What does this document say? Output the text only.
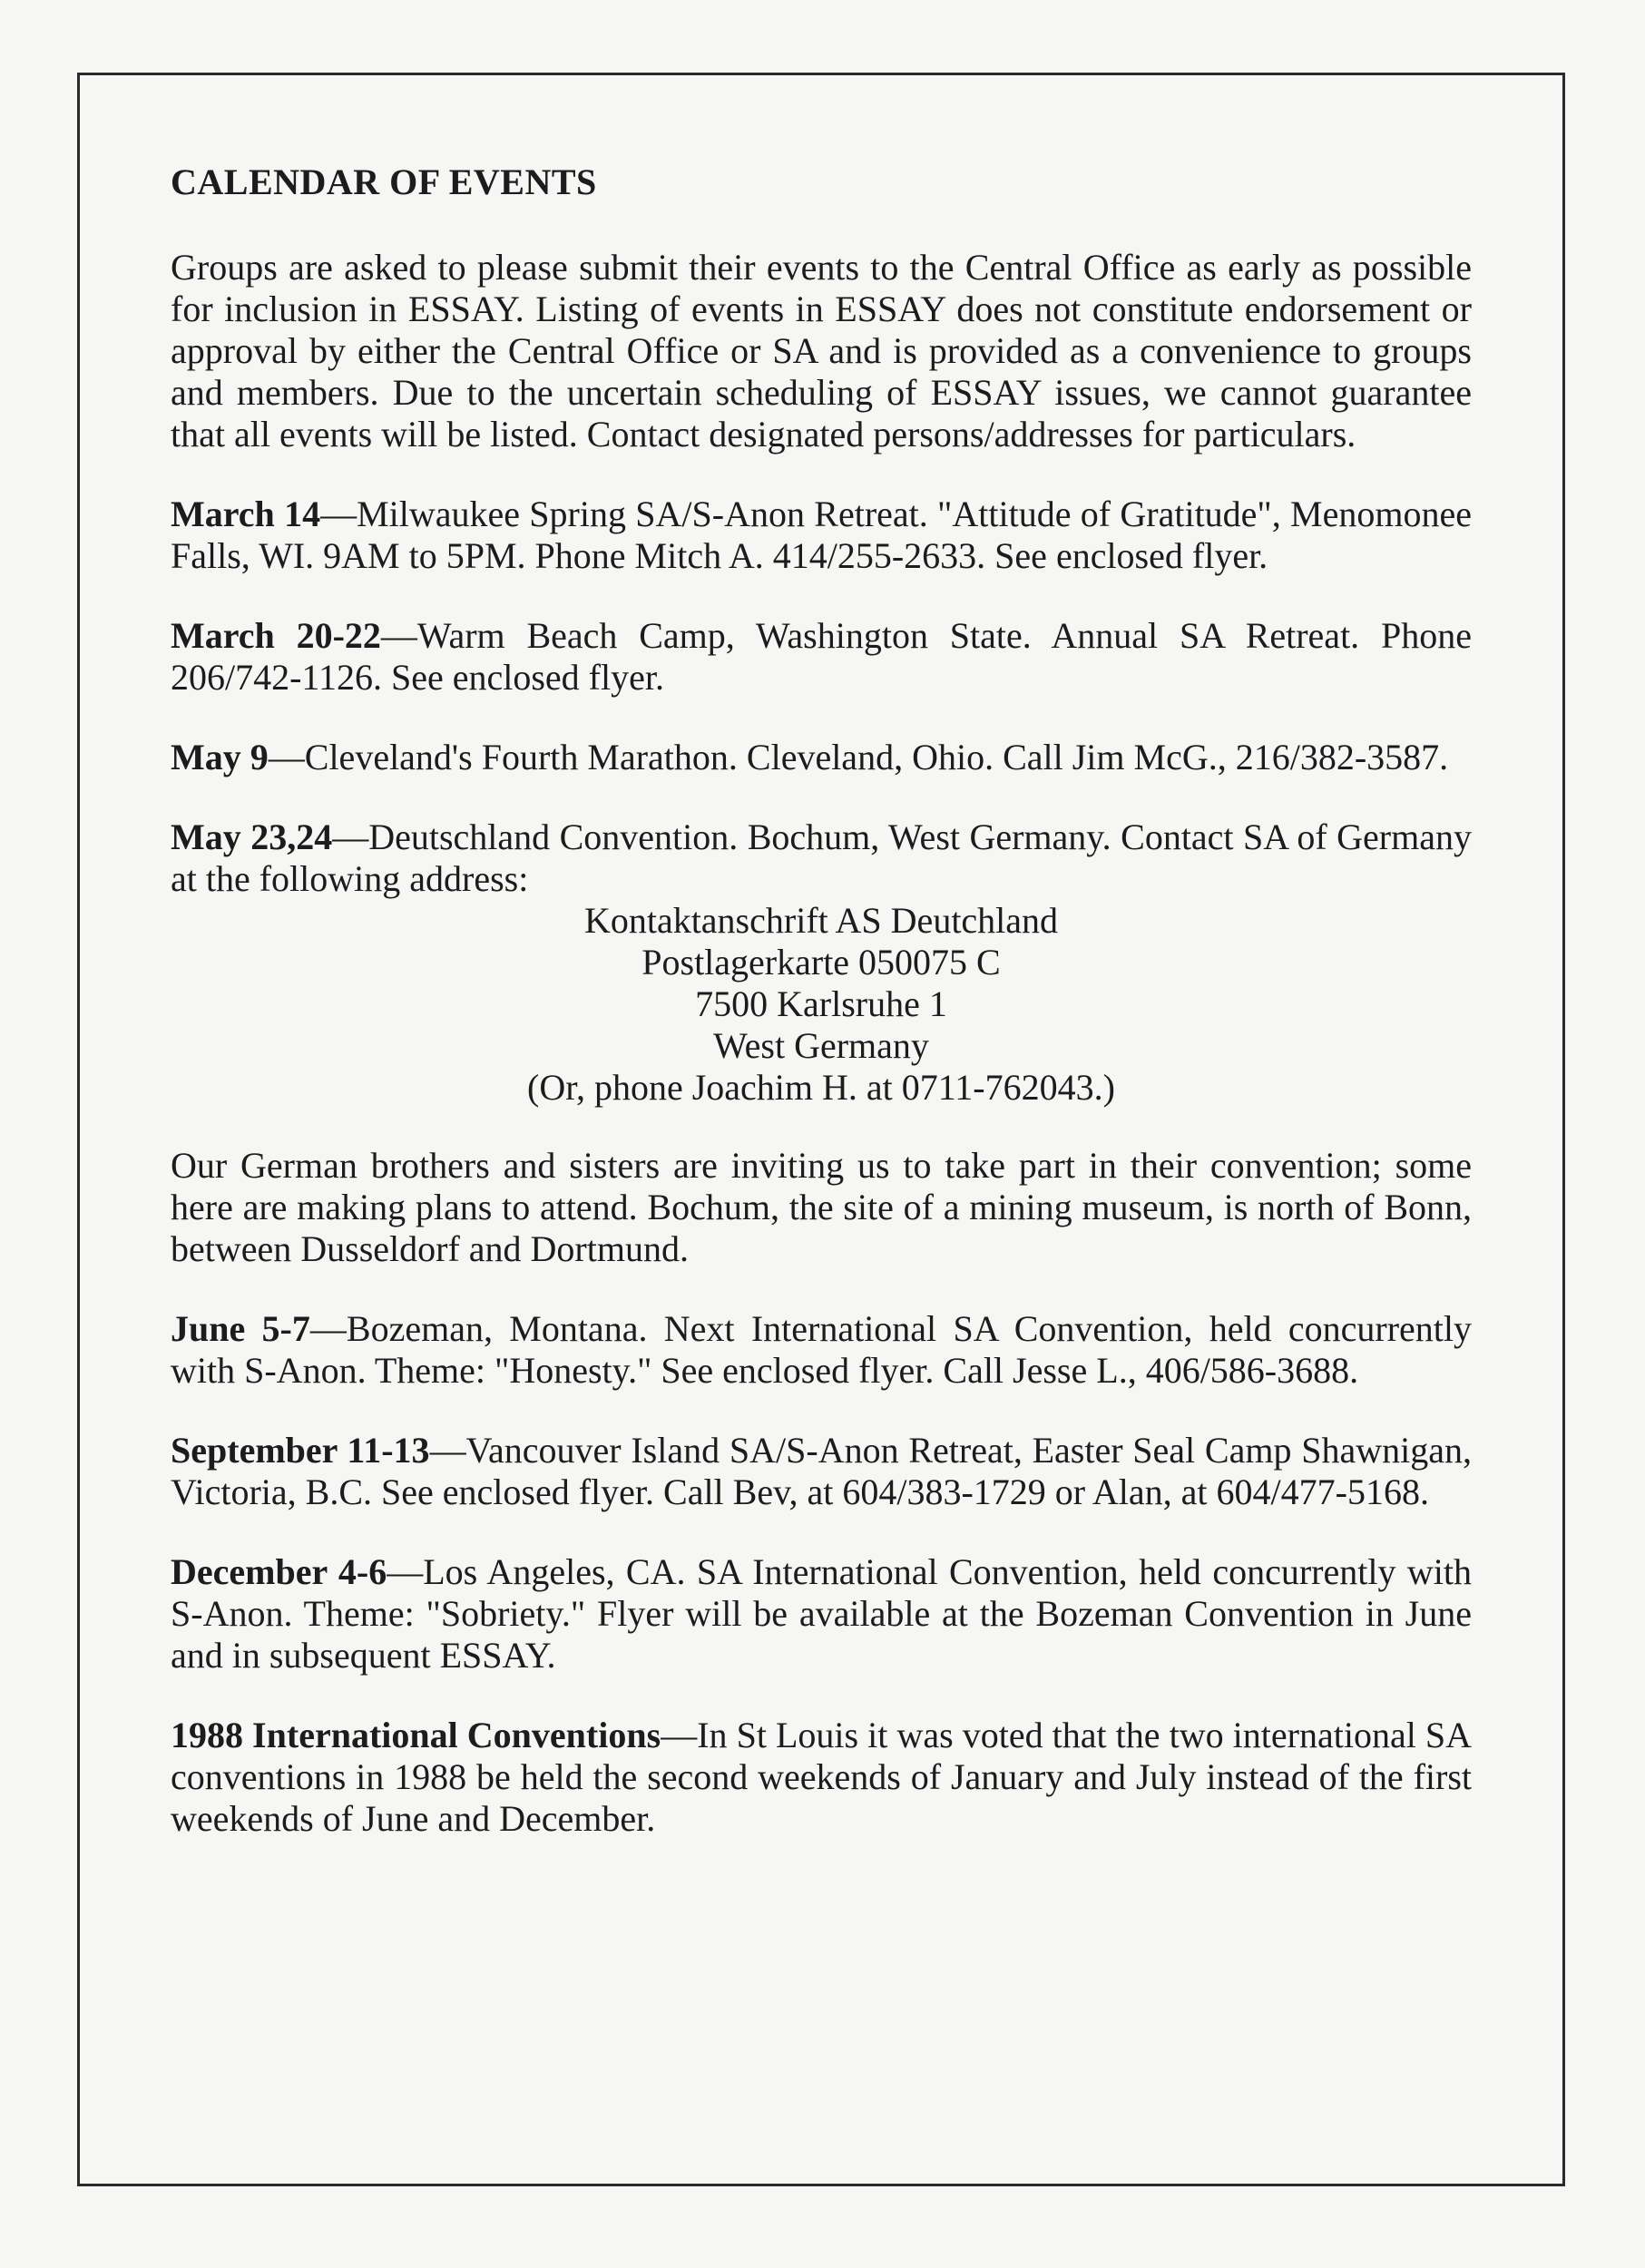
CALENDAR OF EVENTS

Groups are asked to please submit their events to the Central Office as early as possible for inclusion in ESSAY. Listing of events in ESSAY does not constitute endorsement or approval by either the Central Office or SA and is provided as a convenience to groups and members. Due to the uncertain scheduling of ESSAY issues, we cannot guarantee that all events will be listed. Contact designated persons/addresses for particulars.

March 14—Milwaukee Spring SA/S-Anon Retreat. "Attitude of Gratitude", Menomonee Falls, WI. 9AM to 5PM. Phone Mitch A. 414/255-2633. See enclosed flyer.
March 20-22—Warm Beach Camp, Washington State. Annual SA Retreat. Phone 206/742-1126. See enclosed flyer.
May 9—Cleveland's Fourth Marathon. Cleveland, Ohio. Call Jim McG., 216/382-3587.
May 23,24—Deutschland Convention. Bochum, West Germany. Contact SA of Germany at the following address:
Kontaktanschrift AS Deutchland
Postlagerkarte 050075 C
7500 Karlsruhe 1
West Germany
(Or, phone Joachim H. at 0711-762043.)

Our German brothers and sisters are inviting us to take part in their convention; some here are making plans to attend. Bochum, the site of a mining museum, is north of Bonn, between Dusseldorf and Dortmund.

June 5-7—Bozeman, Montana. Next International SA Convention, held concurrently with S-Anon. Theme: "Honesty." See enclosed flyer. Call Jesse L., 406/586-3688.
September 11-13—Vancouver Island SA/S-Anon Retreat, Easter Seal Camp Shawnigan, Victoria, B.C. See enclosed flyer. Call Bev, at 604/383-1729 or Alan, at 604/477-5168.
December 4-6—Los Angeles, CA. SA International Convention, held concurrently with S-Anon. Theme: "Sobriety." Flyer will be available at the Bozeman Convention in June and in subsequent ESSAY.
1988 International Conventions—In St Louis it was voted that the two international SA conventions in 1988 be held the second weekends of January and July instead of the first weekends of June and December.
